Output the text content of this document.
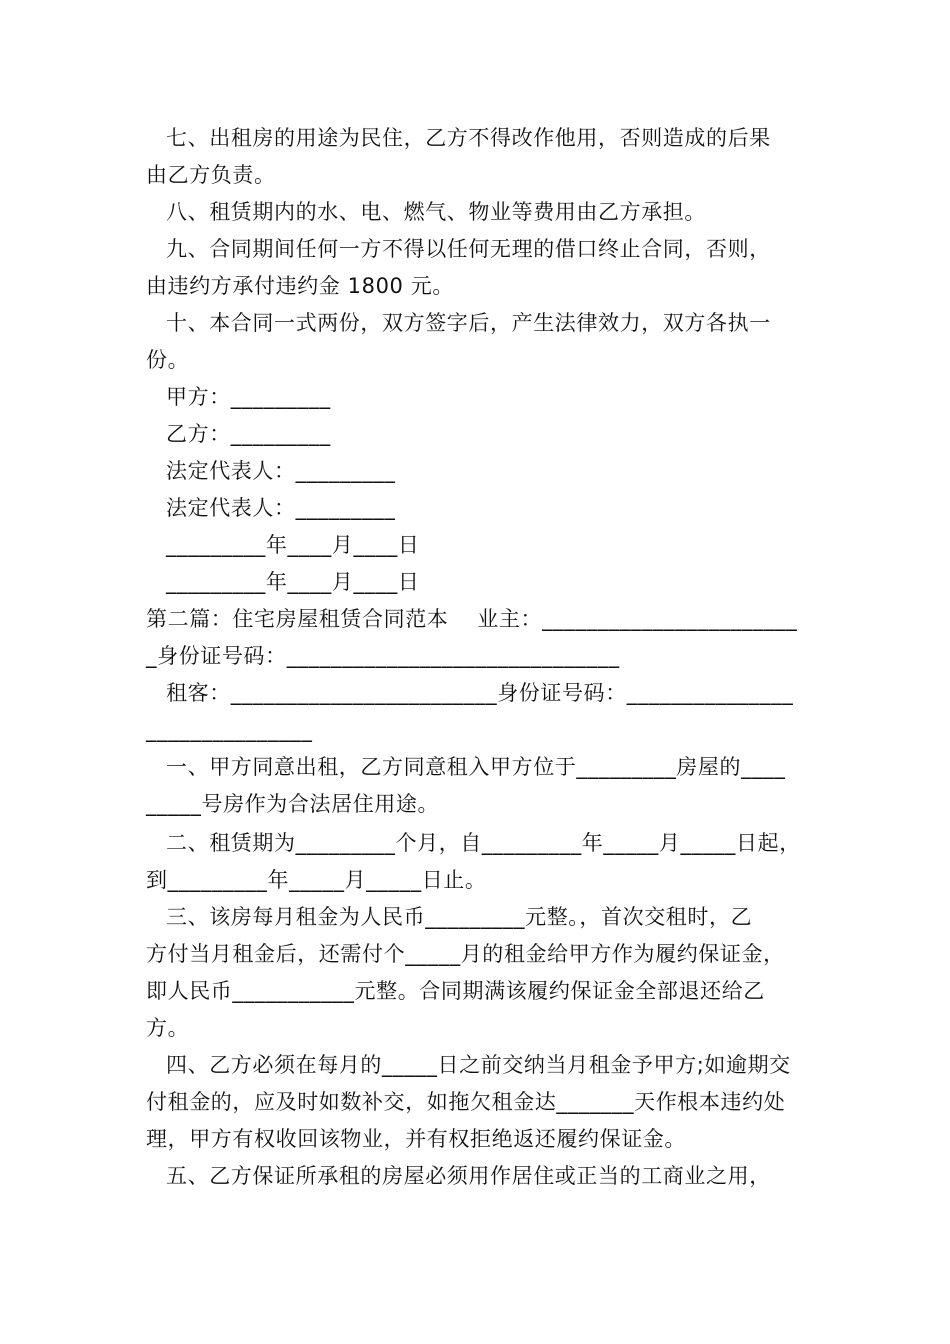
七、出租房的用途为民住，乙方不得改作他用，否则造成的后果
由乙方负责。
八、租赁期内的水、电、燃气、物业等费用由乙方承担。
九、合同期间任何一方不得以任何无理的借口终止合同，否则，
由违约方承付违约金 1800 元。
十、本合同一式两份，双方签字后，产生法律效力，双方各执一
份。
甲方：_________
乙方：_________
法定代表人：_________
法定代表人：_________
_________年____月____日
_________年____月____日
第二篇：住宅房屋租赁合同范本　 业主：_______________________
_身份证号码：______________________________
租客：________________________身份证号码：_______________
_______________
一、甲方同意出租，乙方同意租入甲方位于_________房屋的____
_____号房作为合法居住用途。
二、租赁期为_________个月，自_________年_____月_____日起，
到_________年_____月_____日止。
三、该房每月租金为人民币_________元整。，首次交租时，乙
方付当月租金后，还需付个_____月的租金给甲方作为履约保证金，
即人民币___________元整。合同期满该履约保证金全部退还给乙
方。
四、乙方必须在每月的_____日之前交纳当月租金予甲方;如逾期交
付租金的，应及时如数补交，如拖欠租金达_______天作根本违约处
理，甲方有权收回该物业，并有权拒绝返还履约保证金。
五、乙方保证所承租的房屋必须用作居住或正当的工商业之用，
